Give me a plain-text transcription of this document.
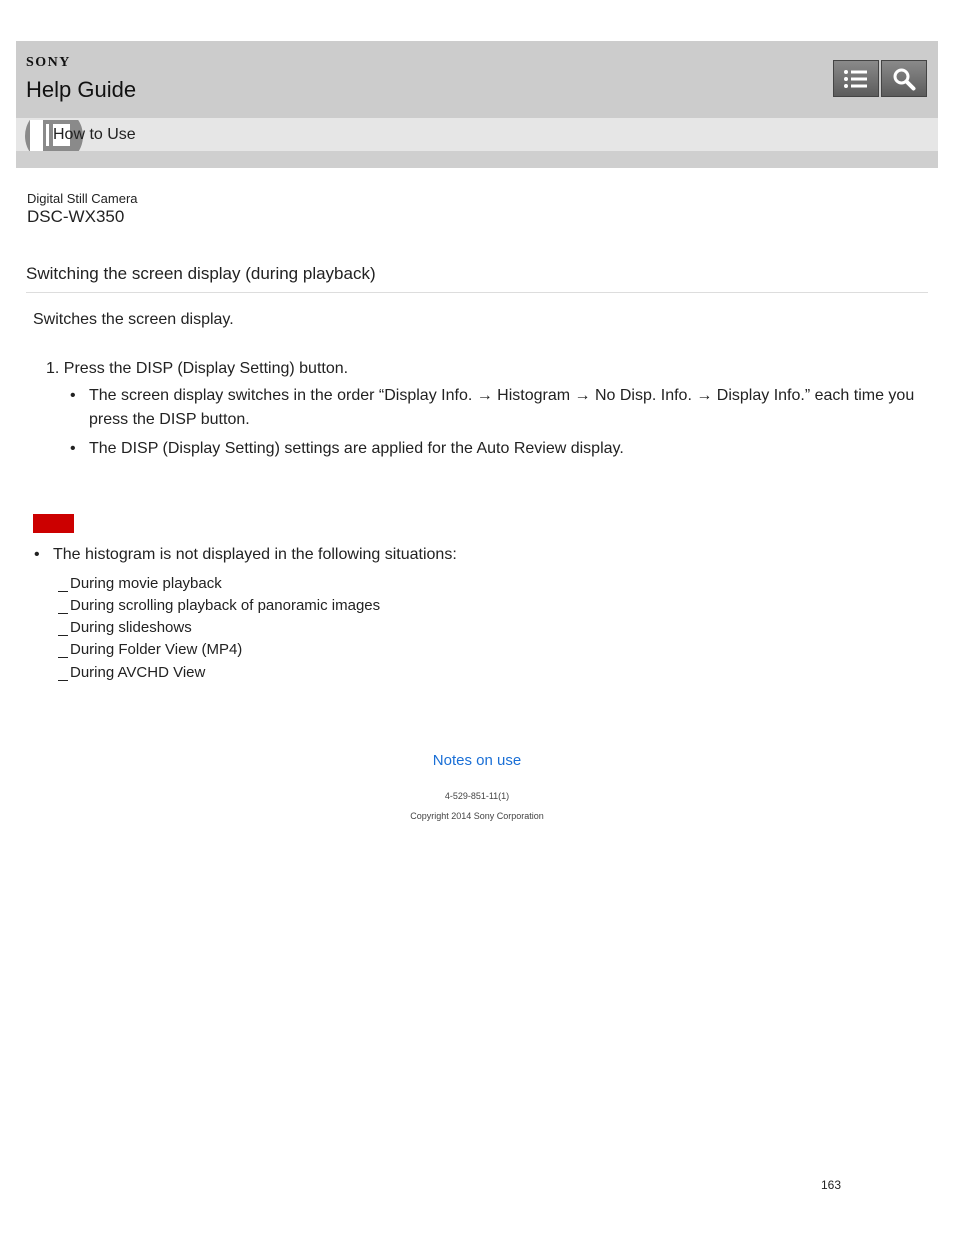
SONY
Help Guide
How to Use
Digital Still Camera
DSC-WX350
Switching the screen display (during playback)
Switches the screen display.
1. Press the DISP (Display Setting) button.
• The screen display switches in the order “Display Info. → Histogram → No Disp. Info. → Display Info.” each time you press the DISP button.
• The DISP (Display Setting) settings are applied for the Auto Review display.
• The histogram is not displayed in the following situations:
During movie playback
During scrolling playback of panoramic images
During slideshows
During Folder View (MP4)
During AVCHD View
Notes on use
4-529-851-11(1)
Copyright 2014 Sony Corporation
163
